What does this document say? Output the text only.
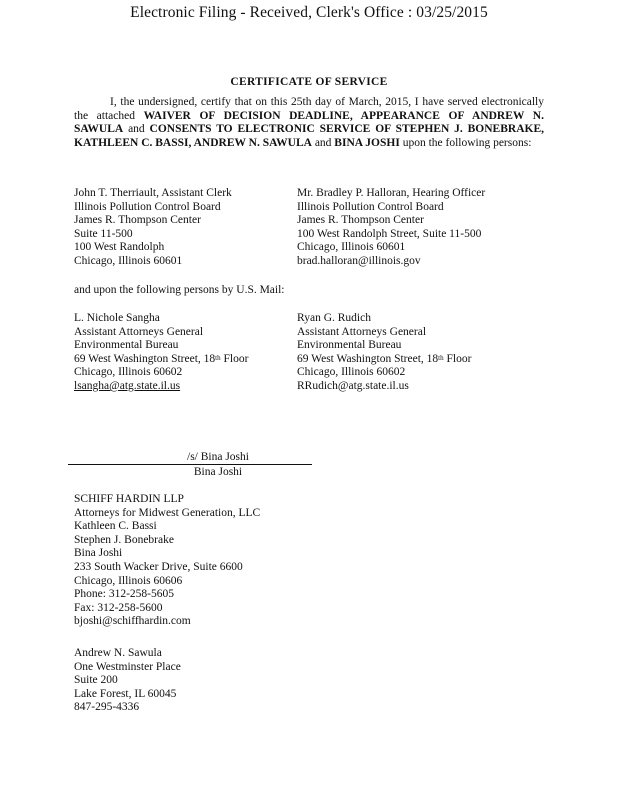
Electronic Filing - Received, Clerk's Office : 03/25/2015
CERTIFICATE OF SERVICE
I, the undersigned, certify that on this 25th day of March, 2015, I have served electronically the attached WAIVER OF DECISION DEADLINE, APPEARANCE OF ANDREW N. SAWULA and CONSENTS TO ELECTRONIC SERVICE OF STEPHEN J. BONEBRAKE, KATHLEEN C. BASSI, ANDREW N. SAWULA and BINA JOSHI upon the following persons:
John T. Therriault, Assistant Clerk
Illinois Pollution Control Board
James R. Thompson Center
Suite 11-500
100 West Randolph
Chicago, Illinois 60601
Mr. Bradley P. Halloran, Hearing Officer
Illinois Pollution Control Board
James R. Thompson Center
100 West Randolph Street, Suite 11-500
Chicago, Illinois 60601
brad.halloran@illinois.gov
and upon the following persons by U.S. Mail:
L. Nichole Sangha
Assistant Attorneys General
Environmental Bureau
69 West Washington Street, 18th Floor
Chicago, Illinois 60602
lsangha@atg.state.il.us
Ryan G. Rudich
Assistant Attorneys General
Environmental Bureau
69 West Washington Street, 18th Floor
Chicago, Illinois 60602
RRudich@atg.state.il.us
/s/ Bina Joshi
Bina Joshi
SCHIFF HARDIN LLP
Attorneys for Midwest Generation, LLC
Kathleen C. Bassi
Stephen J. Bonebrake
Bina Joshi
233 South Wacker Drive, Suite 6600
Chicago, Illinois 60606
Phone: 312-258-5605
Fax: 312-258-5600
bjoshi@schiffhardin.com
Andrew N. Sawula
One Westminster Place
Suite 200
Lake Forest, IL 60045
847-295-4336
